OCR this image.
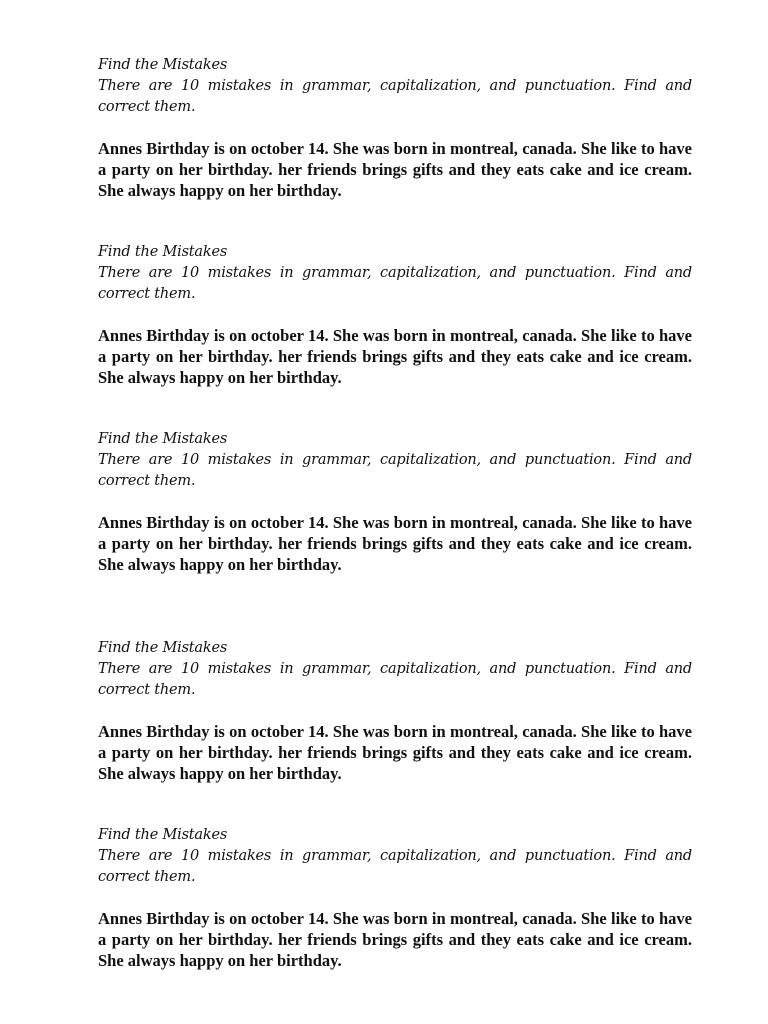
Find the Mistakes

There are 10 mistakes in grammar, capitalization, and punctuation. Find and correct them.

Annes Birthday is on october 14. She was born in montreal, canada. She like to have a party on her birthday. her friends brings gifts and they eats cake and ice cream. She always happy on her birthday.

Find the Mistakes

There are 10 mistakes in grammar, capitalization, and punctuation. Find and correct them.

Annes Birthday is on october 14. She was born in montreal, canada. She like to have a party on her birthday. her friends brings gifts and they eats cake and ice cream. She always happy on her birthday.

Find the Mistakes

There are 10 mistakes in grammar, capitalization, and punctuation. Find and correct them.

Annes Birthday is on october 14. She was born in montreal, canada. She like to have a party on her birthday. her friends brings gifts and they eats cake and ice cream. She always happy on her birthday.

Find the Mistakes

There are 10 mistakes in grammar, capitalization, and punctuation. Find and correct them.

Annes Birthday is on october 14. She was born in montreal, canada. She like to have a party on her birthday. her friends brings gifts and they eats cake and ice cream. She always happy on her birthday.

Find the Mistakes

There are 10 mistakes in grammar, capitalization, and punctuation. Find and correct them.

Annes Birthday is on october 14. She was born in montreal, canada. She like to have a party on her birthday. her friends brings gifts and they eats cake and ice cream. She always happy on her birthday.
